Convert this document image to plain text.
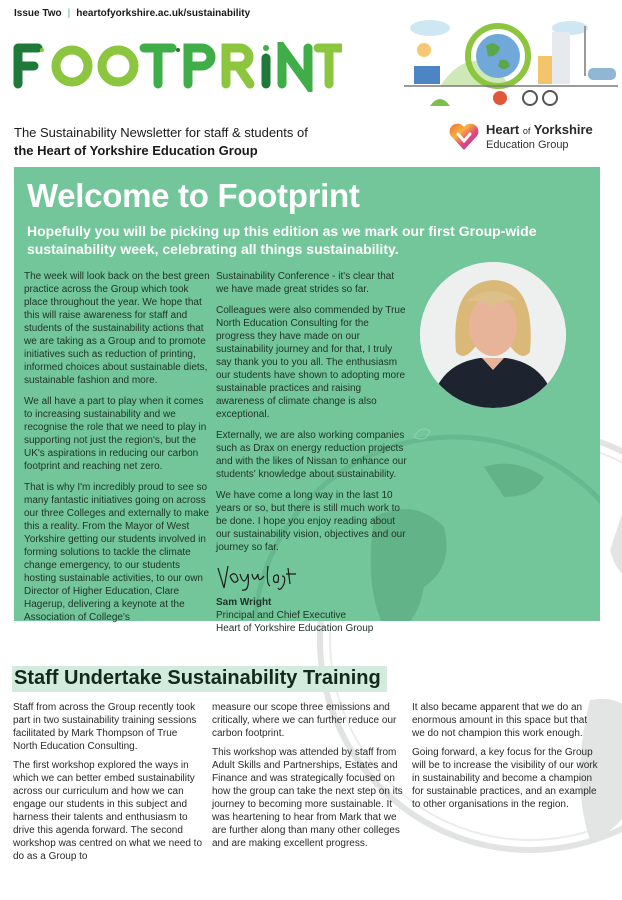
Issue Two | heartofyorkshire.ac.uk/sustainability
The Sustainability Newsletter for staff & students of
the Heart of Yorkshire Education Group
Heart of Yorkshire
Education Group
Welcome to Footprint

Hopefully you will be picking up this edition as we mark our first Group-wide sustainability week, celebrating all things sustainability.

The week will look back on the best green practice across the Group which took place throughout the year. We hope that this will raise awareness for staff and students of the sustainability actions that we are taking as a Group and to promote initiatives such as reduction of printing, informed choices about sustainable diets, sustainable fashion and more.

We all have a part to play when it comes to increasing sustainability and we recognise the role that we need to play in supporting not just the region's, but the UK's aspirations in reducing our carbon footprint and reaching net zero.

That is why I'm incredibly proud to see so many fantastic initiatives going on across our three Colleges and externally to make this a reality. From the Mayor of West Yorkshire getting our students involved in forming solutions to tackle the climate change emergency, to our students hosting sustainable activities, to our own Director of Higher Education, Clare Hagerup, delivering a keynote at the Association of College's

Sustainability Conference - it's clear that we have made great strides so far.

Colleagues were also commended by True North Education Consulting for the progress they have made on our sustainability journey and for that, I truly say thank you to you all. The enthusiasm our students have shown to adopting more sustainable practices and raising awareness of climate change is also exceptional.

Externally, we are also working companies such as Drax on energy reduction projects and with the likes of Nissan to enhance our students' knowledge about sustainability.

We have come a long way in the last 10 years or so, but there is still much work to be done. I hope you enjoy reading about our sustainability vision, objectives and our journey so far.

Sam Wright
Principal and Chief Executive
Heart of Yorkshire Education Group
Staff Undertake Sustainability Training

Staff from across the Group recently took part in two sustainability training sessions facilitated by Mark Thompson of True North Education Consulting.

The first workshop explored the ways in which we can better embed sustainability across our curriculum and how we can engage our students in this subject and harness their talents and enthusiasm to drive this agenda forward. The second workshop was centred on what we need to do as a Group to

measure our scope three emissions and critically, where we can further reduce our carbon footprint.

This workshop was attended by staff from Adult Skills and Partnerships, Estates and Finance and was strategically focused on how the group can take the next step on its journey to becoming more sustainable. It was heartening to hear from Mark that we are further along than many other colleges and are making excellent progress.

It also became apparent that we do an enormous amount in this space but that we do not champion this work enough.

Going forward, a key focus for the Group will be to increase the visibility of our work in sustainability and become a champion for sustainable practices, and an example to other organisations in the region.
